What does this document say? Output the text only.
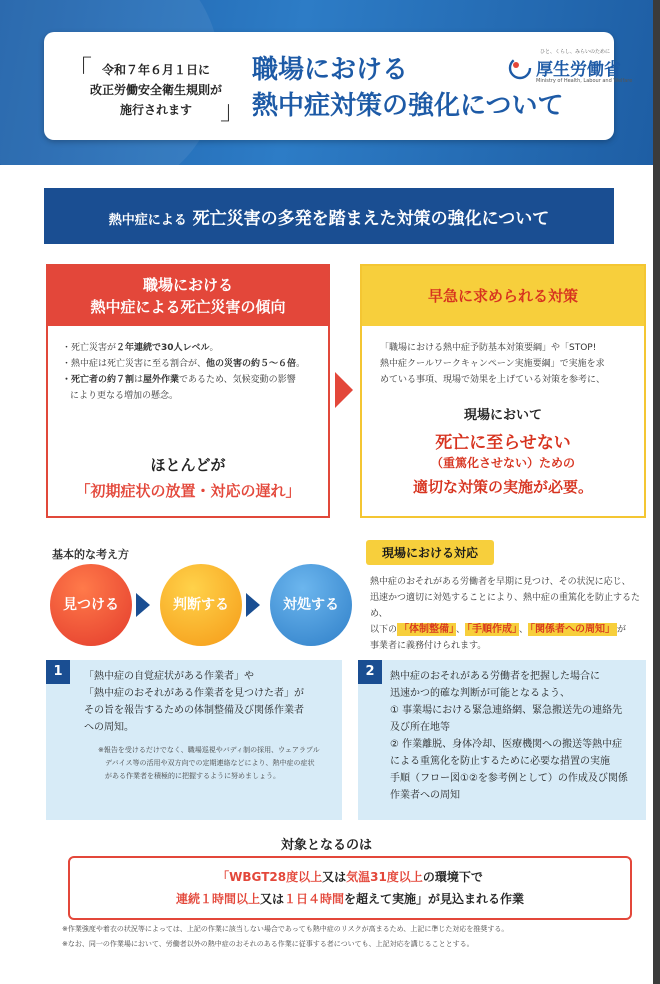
「 令和７年６月１日に
改正労働安全衛生規則が
施行されます	」
職場における
熱中症対策の強化について
ひと、くらし、みらいのために
厚生労働省
Ministry of Health, Labour and Welfare
熱中症による 死亡災害の多発を踏まえた対策の強化について
職場における
熱中症による死亡災害の傾向
・死亡災害が２年連続で30人レベル。
・熱中症は死亡災害に至る割合が、他の災害の約５～６倍。
・死亡者の約７割は屋外作業であるため、気候変動の影響
により更なる増加の懸念。
ほとんどが
「初期症状の放置・対応の遅れ」
早急に求められる対策
「職場における熱中症予防基本対策要綱」や「STOP!
熱中症クールワークキャンペーン実施要綱」で実施を求
めている事項、現場で効果を上げている対策を参考に、
現場において
死亡に至らせない
（重篤化させない）ための
適切な対策の実施が必要。
基本的な考え方
見つける	判断する	対処する
現場における対応
熱中症のおそれがある労働者を早期に見つけ、その状況に応じ、
迅速かつ適切に対処することにより、熱中症の重篤化を防止するため、
以下の 「体制整備」 、 「手順作成」 、 「関係者への周知」 が
事業者に義務付けられます。
1	「熱中症の自覚症状がある作業者」や
「熱中症のおそれがある作業者を見つけた者」が
その旨を報告するための体制整備及び関係作業者
への周知。
※報告を受けるだけでなく、職場巡視やバディ制の採用、ウェアラブル
デバイス等の活用や双方向での定期連絡などにより、熱中症の症状
がある作業者を積極的に把握するように努めましょう。
2	熱中症のおそれがある労働者を把握した場合に
迅速かつ的確な判断が可能となるよう、
① 事業場における緊急連絡網、緊急搬送先の連絡先
及び所在地等
② 作業離脱、身体冷却、医療機関への搬送等熱中症
による重篤化を防止するために必要な措置の実施
手順（フロー図①②を参考例として）の作成及び関係
作業者への周知
対象となるのは
「WBGT28度以上又は気温31度以上の環境下で
連続１時間以上又は１日４時間を超えて実施」が見込まれる作業
※作業強度や着衣の状況等によっては、上記の作業に該当しない場合であっても熱中症のリスクが高まるため、上記に準じた対応を推奨する。
※なお、同一の作業場において、労働者以外の熱中症のおそれのある作業に従事する者についても、上記対応を講じることとする。
